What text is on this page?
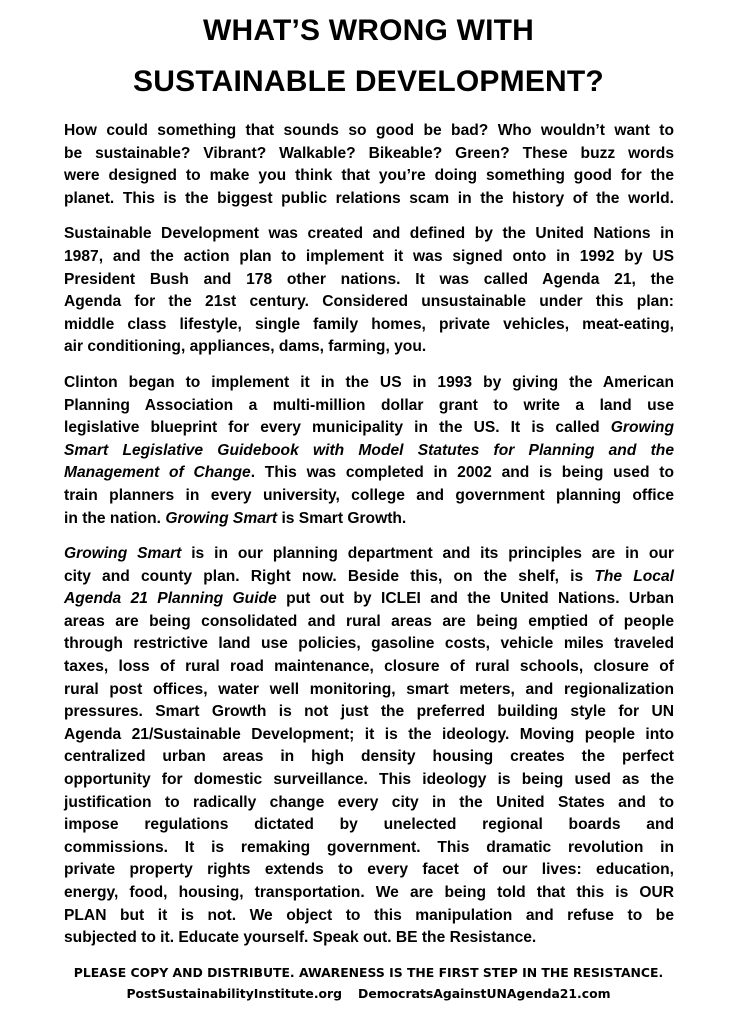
WHAT’S WRONG WITH
SUSTAINABLE DEVELOPMENT?

How could something that sounds so good be bad? Who wouldn’t want to
be sustainable? Vibrant? Walkable? Bikeable? Green? These buzz words
were designed to make you think that you’re doing something good for the
planet. This is the biggest public relations scam in the history of the world.

Sustainable Development was created and defined by the United Nations in
1987, and the action plan to implement it was signed onto in 1992 by US
President Bush and 178 other nations. It was called Agenda 21, the
Agenda for the 21st century. Considered unsustainable under this plan:
middle class lifestyle, single family homes, private vehicles, meat-eating,
air conditioning, appliances, dams, farming, you.

Clinton began to implement it in the US in 1993 by giving the American
Planning Association a multi-million dollar grant to write a land use
legislative blueprint for every municipality in the US. It is called Growing
Smart Legislative Guidebook with Model Statutes for Planning and the
Management of Change. This was completed in 2002 and is being used to
train planners in every university, college and government planning office
in the nation. Growing Smart is Smart Growth.

Growing Smart is in our planning department and its principles are in our
city and county plan. Right now. Beside this, on the shelf, is The Local
Agenda 21 Planning Guide put out by ICLEI and the United Nations. Urban
areas are being consolidated and rural areas are being emptied of people
through restrictive land use policies, gasoline costs, vehicle miles traveled
taxes, loss of rural road maintenance, closure of rural schools, closure of
rural post offices, water well monitoring, smart meters, and regionalization
pressures. Smart Growth is not just the preferred building style for UN
Agenda 21/Sustainable Development; it is the ideology. Moving people into
centralized urban areas in high density housing creates the perfect
opportunity for domestic surveillance. This ideology is being used as the
justification to radically change every city in the United States and to
impose regulations dictated by unelected regional boards and
commissions. It is remaking government. This dramatic revolution in
private property rights extends to every facet of our lives: education,
energy, food, housing, transportation. We are being told that this is OUR
PLAN but it is not. We object to this manipulation and refuse to be
subjected to it. Educate yourself. Speak out. BE the Resistance.

PLEASE COPY AND DISTRIBUTE. AWARENESS IS THE FIRST STEP IN THE RESISTANCE.
PostSustainabilityInstitute.org DemocratsAgainstUNAgenda21.com
